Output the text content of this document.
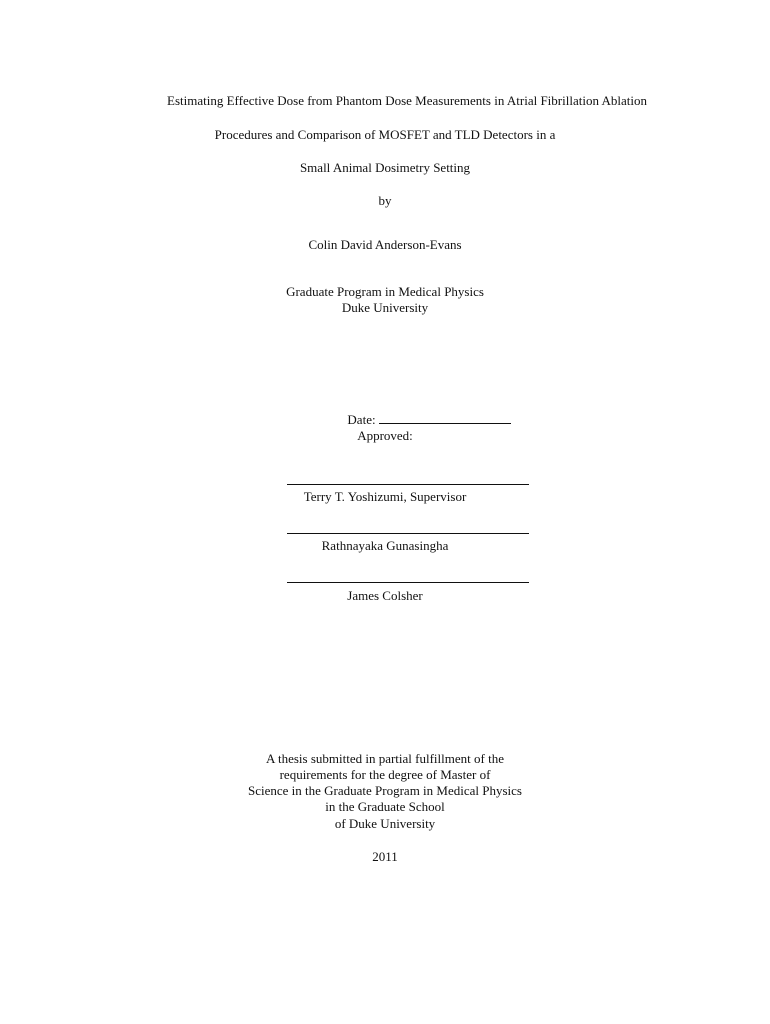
Estimating Effective Dose from Phantom Dose Measurements in Atrial Fibrillation Ablation
Procedures and Comparison of MOSFET and TLD Detectors in a
Small Animal Dosimetry Setting
by
Colin David Anderson-Evans
Graduate Program in Medical Physics
Duke University
Date:
Approved:
Terry T. Yoshizumi, Supervisor
Rathnayaka Gunasingha
James Colsher
A thesis submitted in partial fulfillment of the
requirements for the degree of Master of
Science in the Graduate Program in Medical Physics
in the Graduate School
of Duke University
2011
